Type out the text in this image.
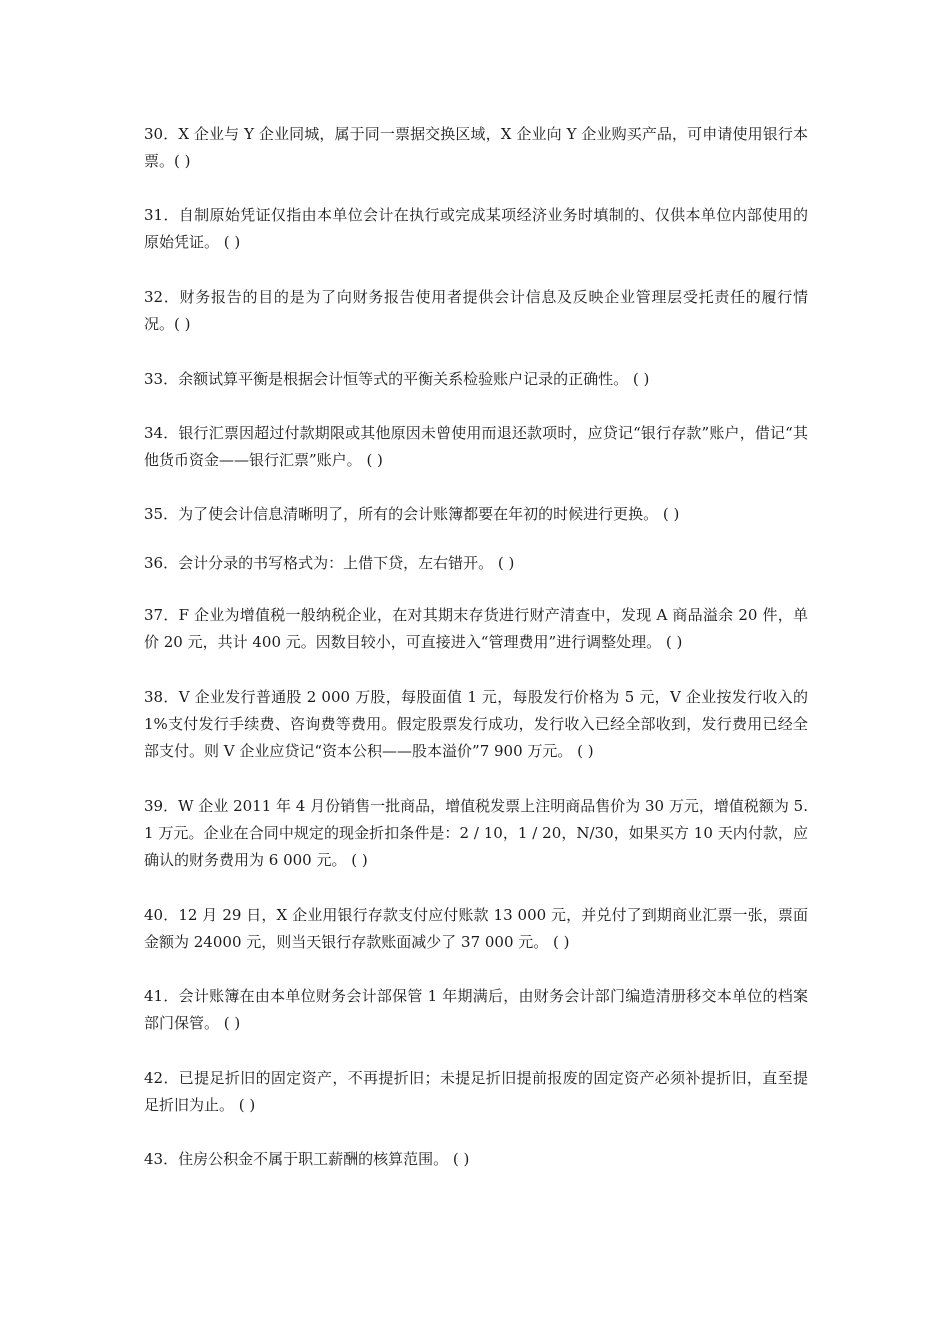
30．X 企业与 Y 企业同城，属于同一票据交换区域，X 企业向 Y 企业购买产品，可申请使用银行本票。( )

31．自制原始凭证仅指由本单位会计在执行或完成某项经济业务时填制的、仅供本单位内部使用的原始凭证。 ( )

32．财务报告的目的是为了向财务报告使用者提供会计信息及反映企业管理层受托责任的履行情况。( )

33．余额试算平衡是根据会计恒等式的平衡关系检验账户记录的正确性。 ( )

34．银行汇票因超过付款期限或其他原因未曾使用而退还款项时，应贷记“银行存款”账户，借记“其他货币资金——银行汇票”账户。 ( )

35．为了使会计信息清晰明了，所有的会计账簿都要在年初的时候进行更换。 ( )

36．会计分录的书写格式为：上借下贷，左右错开。 ( )

37．F 企业为增值税一般纳税企业，在对其期末存货进行财产清查中，发现 A 商品溢余 20 件，单价 20 元，共计 400 元。因数目较小，可直接进入“管理费用”进行调整处理。 ( )

38．V 企业发行普通股 2 000 万股，每股面值 1 元，每股发行价格为 5 元，V 企业按发行收入的 1%支付发行手续费、咨询费等费用。假定股票发行成功，发行收入已经全部收到，发行费用已经全部支付。则 V 企业应贷记“资本公积——股本溢价”7 900 万元。 ( )

39．W 企业 2011 年 4 月份销售一批商品，增值税发票上注明商品售价为 30 万元，增值税额为 5.1 万元。企业在合同中规定的现金折扣条件是：2 / 10，1 / 20，N/30，如果买方 10 天内付款，应确认的财务费用为 6 000 元。 ( )

40．12 月 29 日，X 企业用银行存款支付应付账款 13 000 元，并兑付了到期商业汇票一张，票面金额为 24000 元，则当天银行存款账面减少了 37 000 元。 ( )

41．会计账簿在由本单位财务会计部保管 1 年期满后，由财务会计部门编造清册移交本单位的档案部门保管。 ( )

42．已提足折旧的固定资产，不再提折旧；未提足折旧提前报废的固定资产必须补提折旧，直至提足折旧为止。 ( )

43．住房公积金不属于职工薪酬的核算范围。 ( )
